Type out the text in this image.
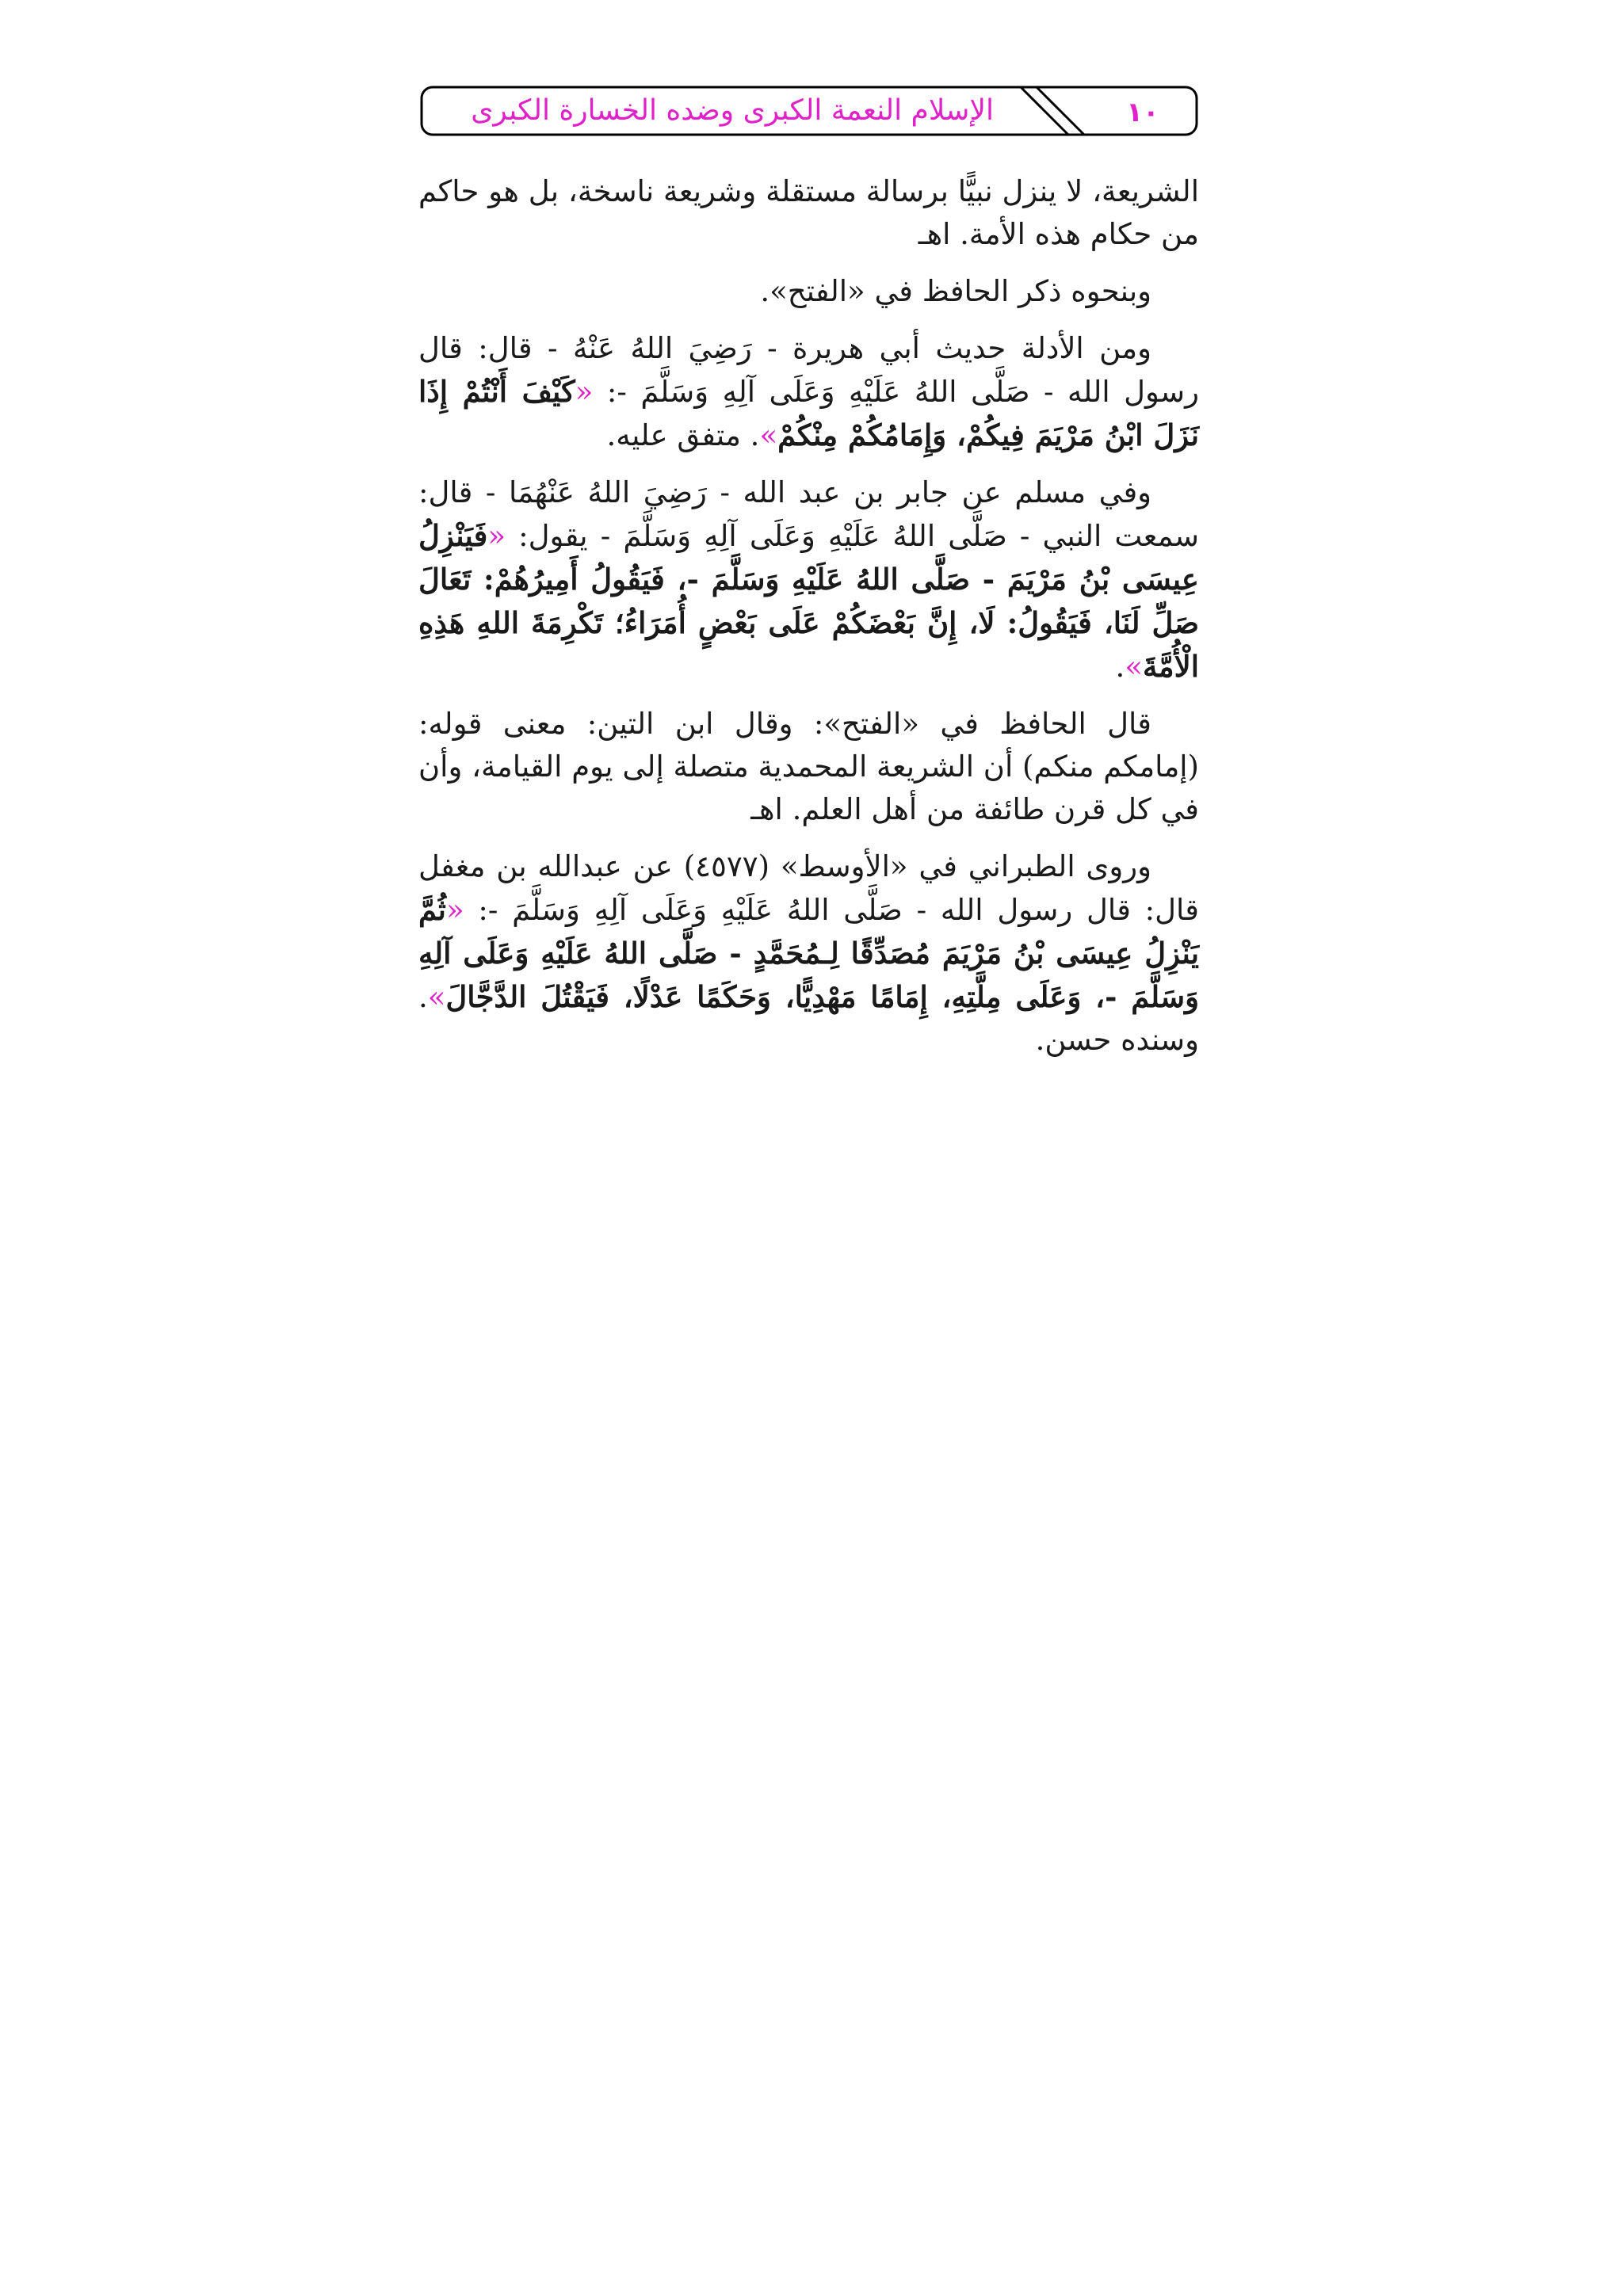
الإسلام النعمة الكبرى وضده الخسارة الكبرى	١٠

الشريعة، لا ينزل نبيًّا برسالة مستقلة وشريعة ناسخة، بل هو حاكم من حكام هذه الأمة. اهـ

وبنحوه ذكر الحافظ في «الفتح».

ومن الأدلة حديث أبي هريرة - رَضِيَ اللهُ عَنْهُ - قال: قال رسول الله - صَلَّى اللهُ عَلَيْهِ وَعَلَى آلِهِ وَسَلَّمَ -: «كَيْفَ أَنْتُمْ إِذَا نَزَلَ ابْنُ مَرْيَمَ فِيكُمْ، وَإِمَامُكُمْ مِنْكُمْ». متفق عليه.

وفي مسلم عن جابر بن عبد الله - رَضِيَ اللهُ عَنْهُمَا - قال: سمعت النبي - صَلَّى اللهُ عَلَيْهِ وَعَلَى آلِهِ وَسَلَّمَ - يقول: «فَيَنْزِلُ عِيسَى بْنُ مَرْيَمَ - صَلَّى اللهُ عَلَيْهِ وَسَلَّمَ -، فَيَقُولُ أَمِيرُهُمْ: تَعَالَ صَلِّ لَنَا، فَيَقُولُ: لَا، إِنَّ بَعْضَكُمْ عَلَى بَعْضٍ أُمَرَاءُ؛ تَكْرِمَةَ اللهِ هَذِهِ الْأُمَّةَ».

قال الحافظ في «الفتح»: وقال ابن التين: معنى قوله: (إمامكم منكم) أن الشريعة المحمدية متصلة إلى يوم القيامة، وأن في كل قرن طائفة من أهل العلم. اهـ

وروى الطبراني في «الأوسط» (٤٥٧٧) عن عبدالله بن مغفل قال: قال رسول الله - صَلَّى اللهُ عَلَيْهِ وَعَلَى آلِهِ وَسَلَّمَ -: «ثُمَّ يَنْزِلُ عِيسَى بْنُ مَرْيَمَ مُصَدِّقًا لِـمُحَمَّدٍ - صَلَّى اللهُ عَلَيْهِ وَعَلَى آلِهِ وَسَلَّمَ -، وَعَلَى مِلَّتِهِ، إِمَامًا مَهْدِيًّا، وَحَكَمًا عَدْلًا، فَيَقْتُلَ الدَّجَّالَ». وسنده حسن.
